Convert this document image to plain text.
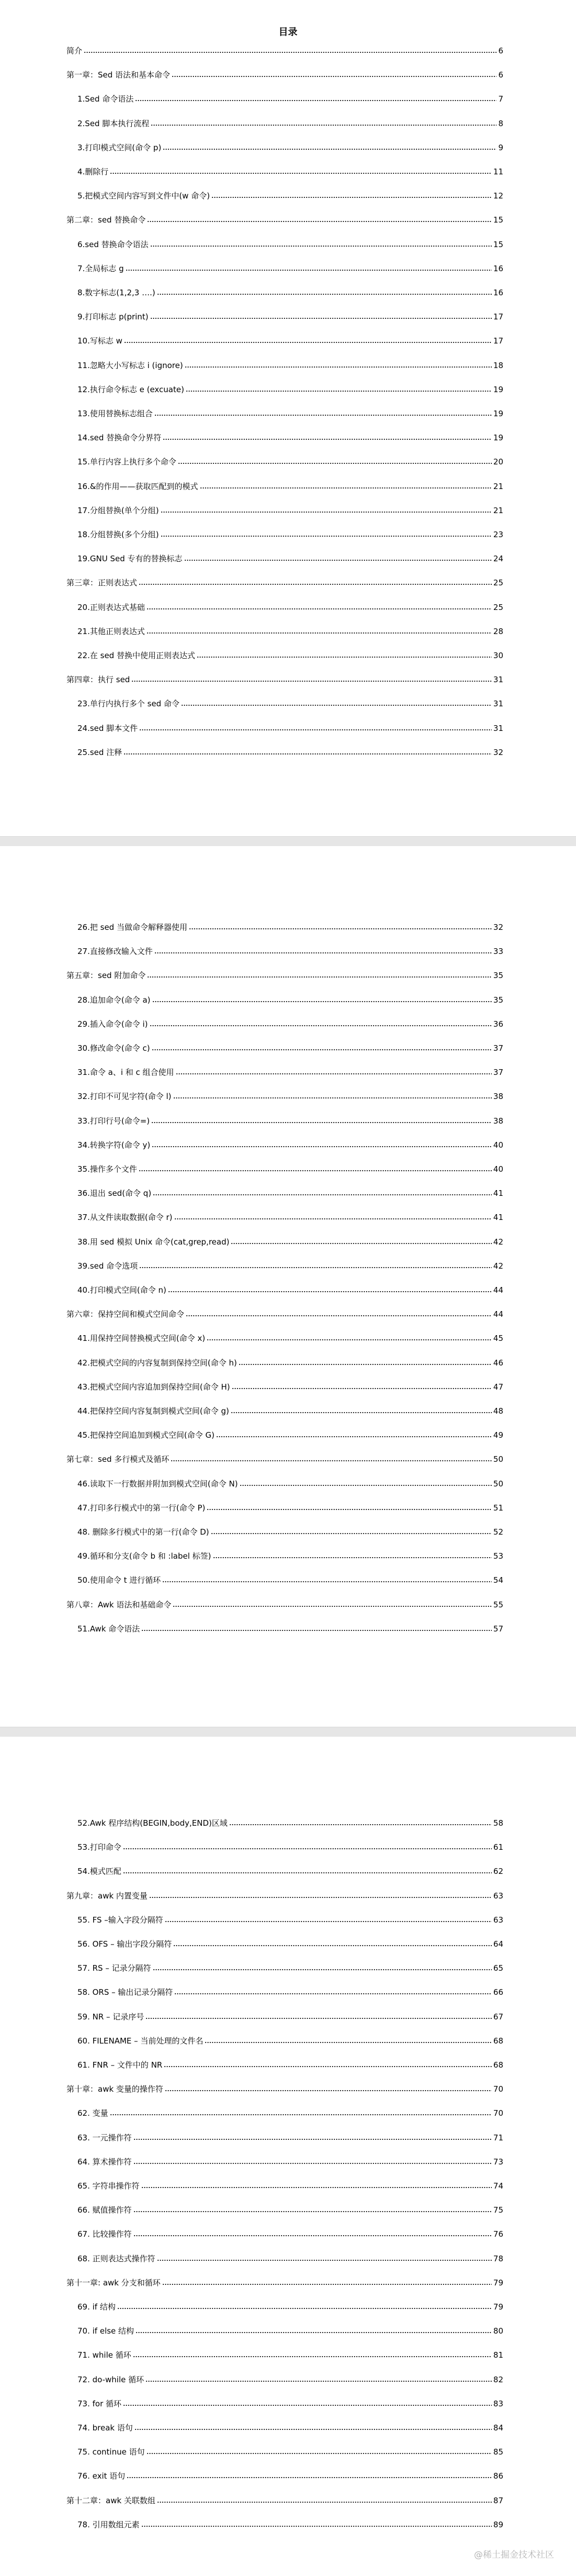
目录
简介	6
第一章：Sed 语法和基本命令	6
1.Sed 命令语法	7
2.Sed 脚本执行流程	8
3.打印模式空间(命令 p)	9
4.删除行	11
5.把模式空间内容写到文件中(w 命令)	12
第二章：sed 替换命令	15
6.sed 替换命令语法	15
7.全局标志 g	16
8.数字标志(1,2,3 ….)	16
9.打印标志 p(print)	17
10.写标志 w	17
11.忽略大小写标志 i (ignore)	18
12.执行命令标志 e (excuate)	19
13.使用替换标志组合	19
14.sed 替换命令分界符	19
15.单行内容上执行多个命令	20
16.&的作用——获取匹配到的模式	21
17.分组替换(单个分组)	21
18.分组替换(多个分组)	23
19.GNU Sed 专有的替换标志	24
第三章：正则表达式	25
20.正则表达式基础	25
21.其他正则表达式	28
22.在 sed 替换中使用正则表达式	30
第四章：执行 sed	31
23.单行内执行多个 sed 命令	31
24.sed 脚本文件	31
25.sed 注释	32
26.把 sed 当做命令解释器使用	32
27.直接修改输入文件	33
第五章：sed 附加命令	35
28.追加命令(命令 a)	35
29.插入命令(命令 i)	36
30.修改命令(命令 c)	37
31.命令 a、i 和 c 组合使用	37
32.打印不可见字符(命令 l)	38
33.打印行号(命令=)	38
34.转换字符(命令 y)	40
35.操作多个文件	40
36.退出 sed(命令 q)	41
37.从文件读取数据(命令 r)	41
38.用 sed 模拟 Unix 命令(cat,grep,read)	42
39.sed 命令选项	42
40.打印模式空间(命令 n)	44
第六章：保持空间和模式空间命令	44
41.用保持空间替换模式空间(命令 x)	45
42.把模式空间的内容复制到保持空间(命令 h)	46
43.把模式空间内容追加到保持空间(命令 H)	47
44.把保持空间内容复制到模式空间(命令 g)	48
45.把保持空间追加到模式空间(命令 G)	49
第七章：sed 多行模式及循环	50
46.读取下一行数据并附加到模式空间(命令 N)	50
47.打印多行模式中的第一行(命令 P)	51
48. 删除多行模式中的第一行(命令 D)	52
49.循环和分支(命令 b 和 :label 标签)	53
50.使用命令 t 进行循环	54
第八章：Awk 语法和基础命令	55
51.Awk 命令语法	57
52.Awk 程序结构(BEGIN,body,END)区域	58
53.打印命令	61
54.模式匹配	62
第九章：awk 内置变量	63
55. FS –输入字段分隔符	63
56. OFS – 输出字段分隔符	64
57. RS – 记录分隔符	65
58. ORS – 输出记录分隔符	66
59. NR – 记录序号	67
60. FILENAME – 当前处理的文件名	68
61. FNR – 文件中的 NR	68
第十章：awk 变量的操作符	70
62. 变量	70
63. 一元操作符	71
64. 算术操作符	73
65. 字符串操作符	74
66. 赋值操作符	75
67. 比较操作符	76
68. 正则表达式操作符	78
第十一章: awk 分支和循环	79
69. if 结构	79
70. if else 结构	80
71. while 循环	81
72. do-while 循环	82
73. for 循环	83
74. break 语句	84
75. continue 语句	85
76. exit 语句	86
第十二章：awk 关联数组	87
78. 引用数组元素	89
@稀土掘金技术社区
